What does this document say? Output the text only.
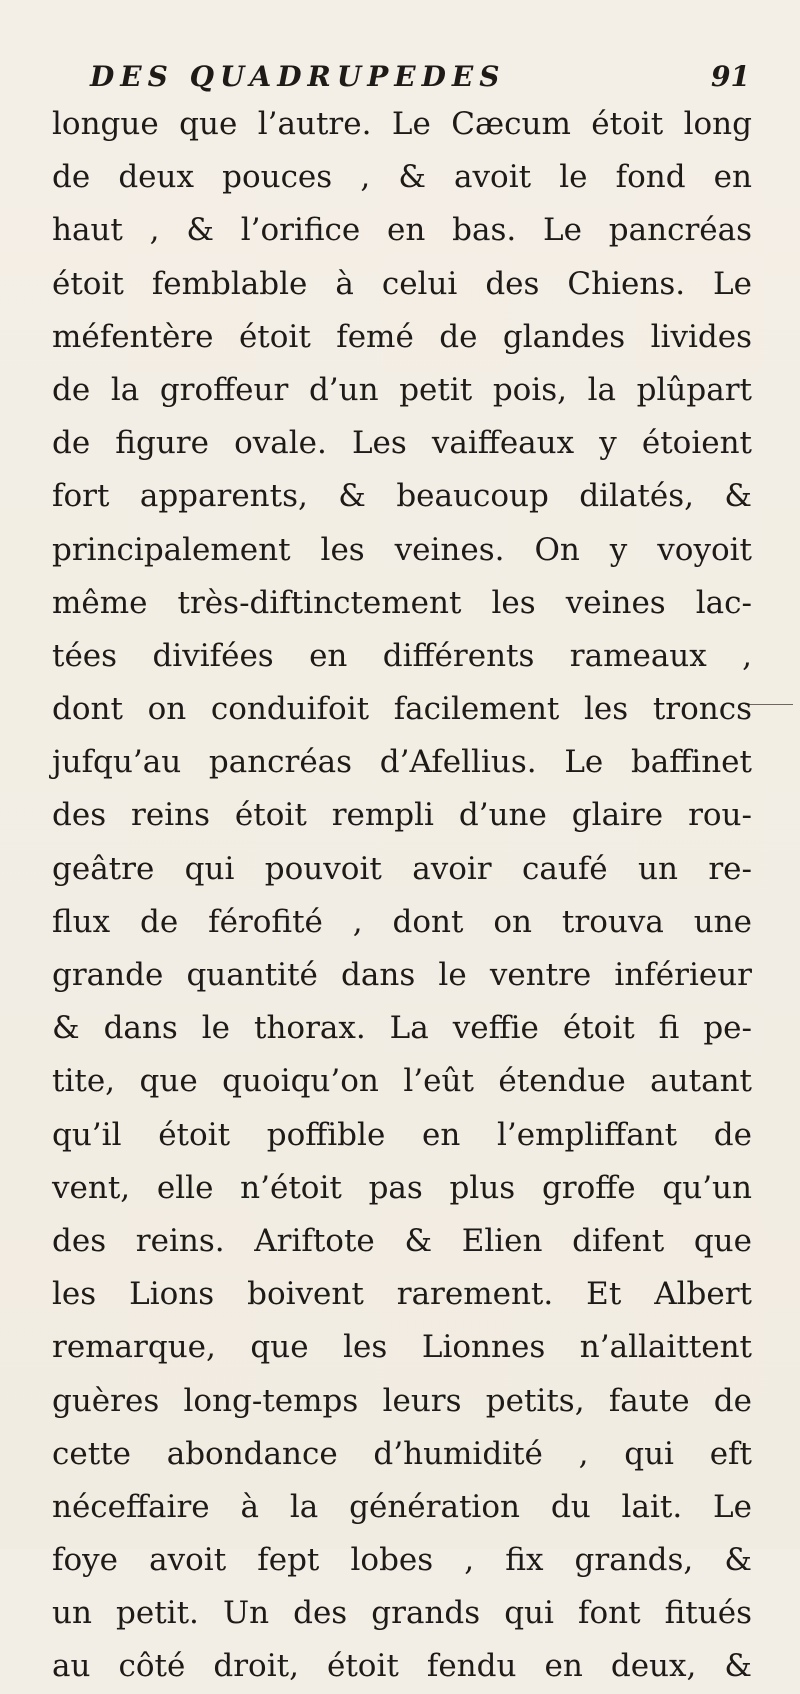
DES QUADRUPEDES	91
longue que l’autre. Le Cæcum étoit long
de deux pouces , & avoit le fond en
haut , & l’orifice en bas. Le pancréas
étoit femblable à celui des Chiens. Le
méfentère étoit femé de glandes livides
de la groffeur d’un petit pois, la plûpart
de figure ovale. Les vaiffeaux y étoient
fort apparents, & beaucoup dilatés, &
principalement les veines. On y voyoit
même très-diftinctement les veines lac-
tées divifées en différents rameaux ,
dont on conduifoit facilement les troncs
jufqu’au pancréas d’Afellius. Le baffinet
des reins étoit rempli d’une glaire rou-
geâtre qui pouvoit avoir caufé un re-
flux de férofité , dont on trouva une
grande quantité dans le ventre inférieur
& dans le thorax. La veffie étoit fi pe-
tite, que quoiqu’on l’eût étendue autant
qu’il étoit poffible en l’empliffant de
vent, elle n’étoit pas plus groffe qu’un
des reins. Ariftote & Elien difent que
les Lions boivent rarement. Et Albert
remarque, que les Lionnes n’allaittent
guères long-temps leurs petits, faute de
cette abondance d’humidité , qui eft
néceffaire à la génération du lait. Le
foye avoit fept lobes , fix grands, &
un petit. Un des grands qui font fitués
au côté droit, étoit fendu en deux, &
